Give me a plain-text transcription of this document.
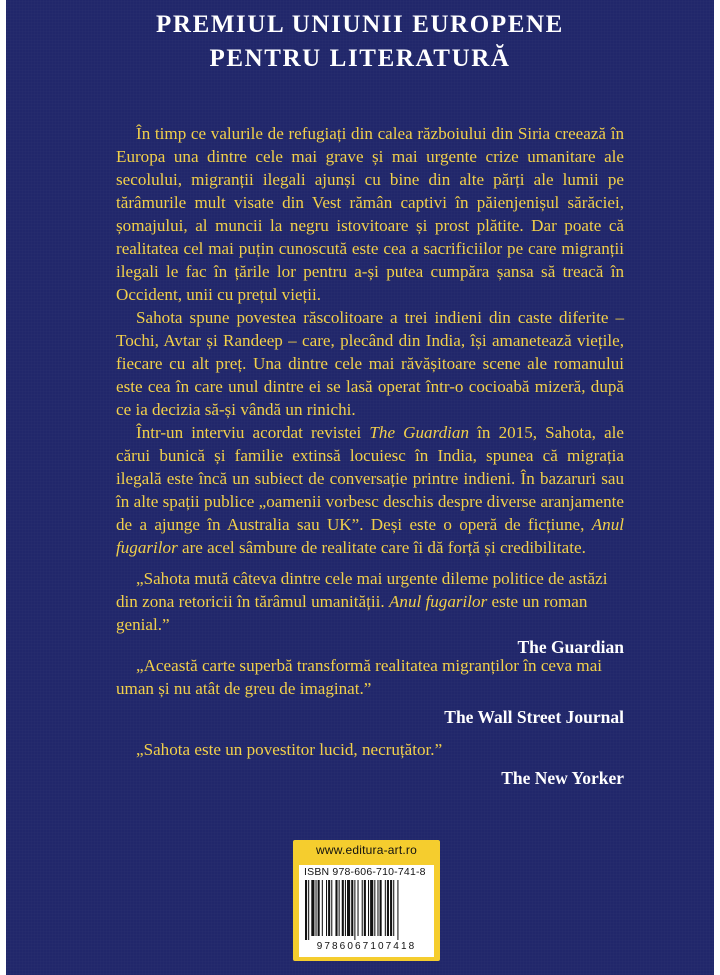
PREMIUL UNIUNII EUROPENE
PENTRU LITERATURĂ

În timp ce valurile de refugiați din calea războiului din Siria creează în Europa una dintre cele mai grave și mai urgente crize umanitare ale secolului, migranții ilegali ajunși cu bine din alte părți ale lumii pe tărâmurile mult visate din Vest rămân captivi în păienjenișul sărăciei, șomajului, al muncii la negru istovitoare și prost plătite. Dar poate că realitatea cel mai puțin cunoscută este cea a sacrificiilor pe care migranții ilegali le fac în țările lor pentru a-și putea cumpăra șansa să treacă în Occident, unii cu prețul vieții.

Sahota spune povestea răscolitoare a trei indieni din caste diferite – Tochi, Avtar și Randeep – care, plecând din India, își amanetează viețile, fiecare cu alt preț. Una dintre cele mai răvășitoare scene ale romanului este cea în care unul dintre ei se lasă operat într-o cocioabă mizeră, după ce ia decizia să-și vândă un rinichi.

Într-un interviu acordat revistei The Guardian în 2015, Sahota, ale cărui bunică și familie extinsă locuiesc în India, spunea că migrația ilegală este încă un subiect de conversație printre indieni. În bazaruri sau în alte spații publice „oamenii vorbesc deschis despre diverse aranjamente de a ajunge în Australia sau UK”. Deși este o operă de ficțiune, Anul fugarilor are acel sâmbure de realitate care îi dă forță și credibilitate.

„Sahota mută câteva dintre cele mai urgente dileme politice de astăzi din zona retoricii în tărâmul umanității. Anul fugarilor este un roman genial.”
The Guardian
„Această carte superbă transformă realitatea migranților în ceva mai uman și nu atât de greu de imaginat.”
The Wall Street Journal
„Sahota este un povestitor lucid, necruțător.”
The New Yorker
www.editura-art.ro
ISBN 978-606-710-741-8
9786067107418
